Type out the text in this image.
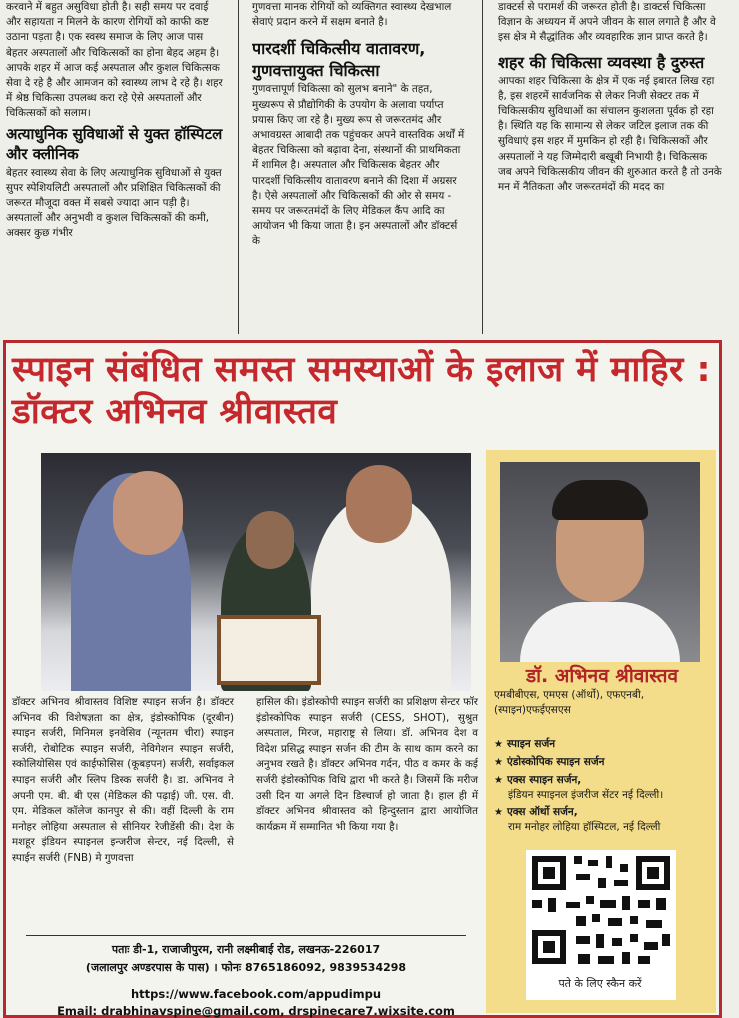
करवाने में बहुत असुविधा होती है। सही समय पर दवाई और सहायता न मिलने के कारण रोगियों को काफी कष्ट उठाना पड़ता है। एक स्वस्थ समाज के लिए आज पास बेहतर अस्पतालों और चिकित्सकों का होना बेहद अहम है। आपके शहर में आज कई अस्पताल और कुशल चिकित्सक सेवा दे रहे है और आमजन को स्वास्थ्य लाभ दे रहे है। शहर में श्रेष्ठ चिकित्सा उपलब्ध करा रहे ऐसे अस्पतालों और चिकित्सकों को सलाम।

अत्याधुनिक सुविधाओं से युक्त हॉस्पिटल और क्लीनिक

बेहतर स्वास्थ्य सेवा के लिए अत्याधुनिक सुविधाओं से युक्त सुपर स्पेशियलिटी अस्पतालों और प्रशिक्षित चिकित्सकों की जरूरत मौजूदा वक्त में सबसे ज्यादा आन पड़ी है। अस्पतालों और अनुभवी व कुशल चिकित्सकों की कमी, अक्सर कुछ गंभीर

गुणवत्ता मानक रोगियों को व्यक्तिगत स्वास्थ्य देखभाल सेवाएं प्रदान करने में सक्षम बनाते है।

पारदर्शी चिकित्सीय वातावरण,

गुणवत्तायुक्त चिकित्सा

गुणवत्तापूर्ण चिकित्सा को सुलभ बनाने" के तहत, मुख्यरूप से प्रौद्योगिकी के उपयोग के अलावा पर्याप्त प्रयास किए जा रहे है। मुख्य रूप से जरूरतमंद और अभावग्रस्त आबादी तक पहुंचकर अपने वास्तविक अर्थों में बेहतर चिकित्सा को बढ़ावा देना, संस्थानों की प्राथमिकता में शामिल है। अस्पताल और चिकित्सक बेहतर और पारदर्शी चिकित्सीय वातावरण बनाने की दिशा में अग्रसर है। ऐसे अस्पतालों और चिकित्सकों की ओर से समय - समय पर जरूरतमंदों के लिए मेडिकल कैंप आदि का आयोजन भी किया जाता है। इन अस्पतालों और डॉक्टर्स के

डाक्टर्स से परामर्श की जरूरत होती है। डाक्टर्स चिकित्सा विज्ञान के अध्ययन में अपने जीवन के साल लगाते है और वे इस क्षेत्र मे सैद्धांतिक और व्यवहारिक ज्ञान प्राप्त करते है।

शहर की चिकित्सा व्यवस्था है दुरुस्त

आपका शहर चिकित्सा के क्षेत्र में एक नई इबारत लिख रहा है, इस शहरमें सार्वजनिक से लेकर निजी सेक्टर तक में चिकित्सकीय सुविधाओं का संचालन कुशलता पूर्वक हो रहा है। स्थिति यह कि सामान्य से लेकर जटिल इलाज तक की सुविधाएं इस शहर में मुमकिन हो रही है। चिकित्सकों और अस्पतालों ने यह जिम्मेदारी बखूबी निभायी है। चिकित्सक जब अपने चिकित्सकीय जीवन की शुरुआत करते है तो उनके मन में नैतिकता और जरूरतमंदों की मदद का

स्पाइन संबंधित समस्त समस्याओं के इलाज में माहिर : डॉक्टर अभिनव श्रीवास्तव

डॉक्टर अभिनव श्रीवास्तव विशिष्ट स्पाइन सर्जन है। डॉक्टर अभिनव की विशेषज्ञता का क्षेत्र, इंडोस्कोपिक (दूरबीन) स्पाइन सर्जरी, मिनिमल इनवेसिव (न्यूनतम चीरा) स्पाइन सर्जरी, रोबोटिक स्पाइन सर्जरी, नेविगेशन स्पाइन सर्जरी, स्कोलियोसिस एवं काईफोसिस (कूबड़पन) सर्जरी, सर्वाइकल स्पाइन सर्जरी और स्लिप डिस्क सर्जरी है। डा. अभिनव ने अपनी एम. बी. बी एस (मेडिकल की पढ़ाई) जी. एस. वी. एम. मेडिकल कॉलेज कानपुर से की। वहीं दिल्ली के राम मनोहर लोहिया अस्पताल से सीनियर रेजीडेंसी की। देश के मशहूर इंडियन स्पाइनल इन्जरीज सेन्टर, नई दिल्ली, से स्पाईन सर्जरी (FNB) मे गुणवत्ता

हासिल की। इंडोस्कोपी स्पाइन सर्जरी का प्रशिक्षण सेन्टर फॉर इंडोस्कोपिक स्पाइन सर्जरी (CESS, SHOT), सुश्रुत अस्पताल, मिरज, महाराष्ट्र से लिया। डॉ. अभिनव देश व विदेश प्रसिद्ध स्पाइन सर्जन की टीम के साथ काम करने का अनुभव रखते है। डॉक्टर अभिनव गर्दन, पीठ व कमर के कई सर्जरी इंडोस्कोपिक विधि द्वारा भी करते है। जिसमें कि मरीज उसी दिन या अगले दिन डिस्चार्ज हो जाता है। हाल ही में डॉक्टर अभिनव श्रीवास्तव को हिन्दुस्तान द्वारा आयोजित कार्यक्रम में सम्मानित भी किया गया है।

डॉ. अभिनव श्रीवास्तव

एमबीबीएस, एमएस (ऑर्थो), एफएनबी, (स्पाइन)एफईएसएस

★ स्पाइन सर्जन
★ एंडोस्कोपिक स्पाइन सर्जन
★ एक्स स्पाइन सर्जन,
इंडियन स्पाइनल इंजरीज सेंटर नई दिल्ली।
★ एक्स ऑर्थो सर्जन,
राम मनोहर लोहिया हॉस्पिटल, नई दिल्ली

पते के लिए स्कैन करें

पताः डी-1, राजाजीपुरम, रानी लक्ष्मीबाई रोड, लखनऊ-226017
(जलालपुर अण्डरपास के पास) । फोनः 8765186092, 9839534298

https://www.facebook.com/appudimpu

Email: drabhinavspine@gmail.com, drspinecare7.wixsite.com
